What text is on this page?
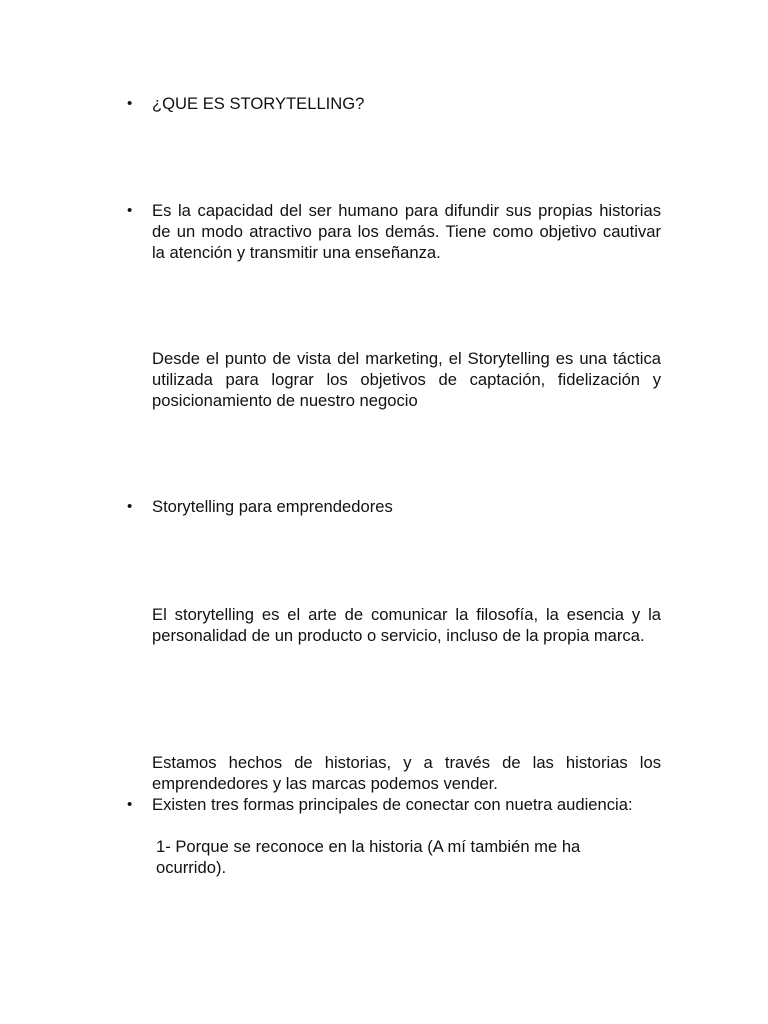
• ¿QUE ES STORYTELLING?
• Es la capacidad del ser humano para difundir sus propias historias de un modo atractivo para los demás. Tiene como objetivo cautivar la atención y transmitir una enseñanza.
Desde el punto de vista del marketing, el Storytelling es una táctica utilizada para lograr los objetivos de captación, fidelización y posicionamiento de nuestro negocio
• Storytelling para emprendedores
El storytelling es el arte de comunicar la filosofía, la esencia y la personalidad de un producto o servicio, incluso de la propia marca.
Estamos hechos de historias, y a través de las historias los emprendedores y las marcas podemos vender.
• Existen tres formas principales de conectar con nuetra audiencia:
1- Porque se reconoce en la historia (A mí también me ha
ocurrido).
